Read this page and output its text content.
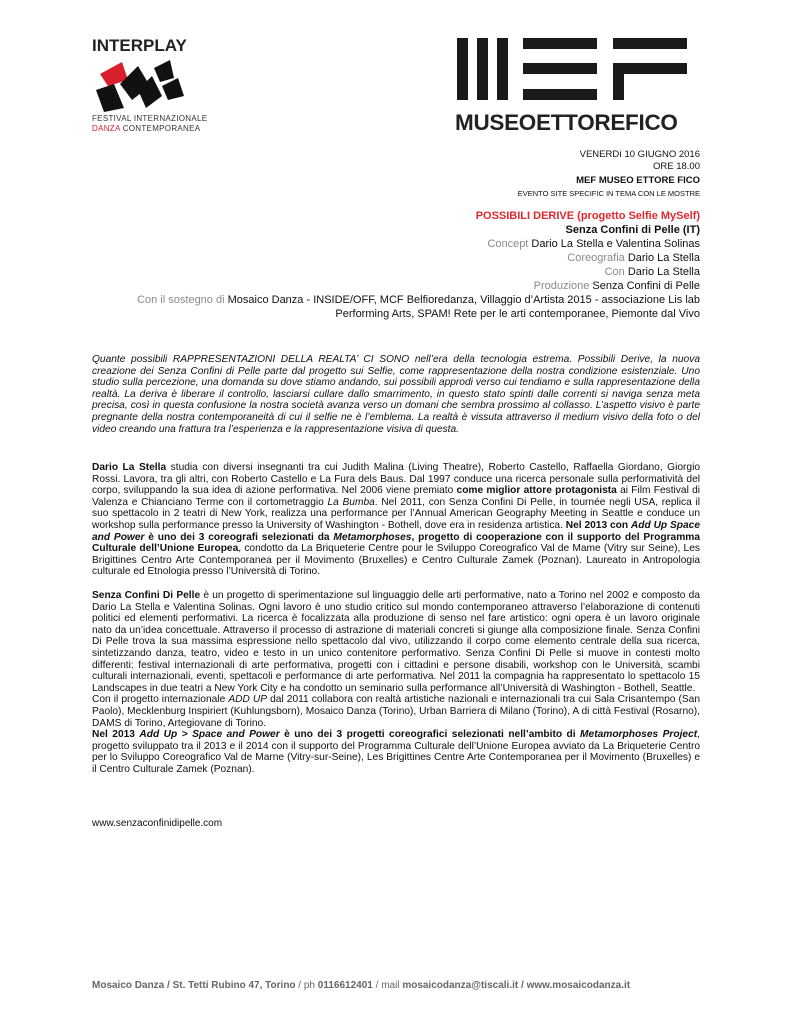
INTERPLAY
FESTIVAL INTERNAZIONALE
DANZA CONTEMPORANEA	MUSEOETTOREFICO
VENERDì 10 GIUGNO 2016
ORE 18.00
MEF MUSEO ETTORE FICO
EVENTO SITE SPECIFIC IN TEMA CON LE MOSTRE
POSSIBILI DERIVE (progetto Selfie MySelf)
Senza Confini di Pelle (IT)
Concept Dario La Stella e Valentina Solinas
Coreografia Dario La Stella
Con Dario La Stella
Produzione Senza Confini di Pelle
Con il sostegno di Mosaico Danza - INSIDE/OFF, MCF Belfioredanza, Villaggio d’Artista 2015 - associazione Lis lab
Performing Arts, SPAM! Rete per le arti contemporanee, Piemonte dal Vivo

Quante possibili RAPPRESENTAZIONI DELLA REALTA’ CI SONO nell’era della tecnologia estrema. Possibili Derive, la nuova creazione dei Senza Confini di Pelle parte dal progetto sui Selfie, come rappresentazione della nostra condizione esistenziale. Uno studio sulla percezione, una domanda su dove stiamo andando, sui possibili approdi verso cui tendiamo e sulla rappresentazione della realtà. La deriva è liberare il controllo, lasciarsi cullare dallo smarrimento, in questo stato spinti dalle correnti si naviga senza meta precisa, così in questa confusione la nostra società avanza verso un domani che sembra prossimo al collasso. L’aspetto visivo è parte pregnante della nostra contemporaneità di cui il selfie ne è l’emblema. La realtà è vissuta attraverso il medium visivo della foto o del video creando una frattura tra l’esperienza e la rappresentazione visiva di questa.

Dario La Stella studia con diversi insegnanti tra cui Judith Malina (Living Theatre), Roberto Castello, Raffaella Giordano, Giorgio Rossi. Lavora, tra gli altri, con Roberto Castello e La Fura dels Baus. Dal 1997 conduce una ricerca personale sulla performatività del corpo, sviluppando la sua idea di azione performativa. Nel 2006 viene premiato come miglior attore protagonista ai Film Festival di Valenza e Chianciano Terme con il cortometraggio La Bumba. Nel 2011, con Senza Confini Di Pelle, in tournée negli USA, replica il suo spettacolo in 2 teatri di New York, realizza una performance per l’Annual American Geography Meeting in Seattle e conduce un workshop sulla performance presso la University of Washington - Bothell, dove era in residenza artistica. Nel 2013 con Add Up Space and Power è uno dei 3 coreografi selezionati da Metamorphoses, progetto di cooperazione con il supporto del Programma Culturale dell’Unione Europea, condotto da La Briqueterie Centre pour le Sviluppo Coreografico Val de Mame (Vitry sur Seine), Les Brigittines Centro Arte Contemporanea per il Movimento (Bruxelles) e Centro Culturale Zamek (Poznan). Laureato in Antropologia culturale ed Etnologia presso l’Università di Torino.

Senza Confini Di Pelle è un progetto di sperimentazione sul linguaggio delle arti performative, nato a Torino nel 2002 e composto da Dario La Stella e Valentina Solinas. Ogni lavoro è uno studio critico sul mondo contemporaneo attraverso l’elaborazione di contenuti politici ed elementi performativi. La ricerca è focalizzata alla produzione di senso nel fare artistico: ogni opera è un lavoro originale nato da un’idea concettuale. Attraverso il processo di astrazione di materiali concreti si giunge alla composizione finale. Senza Confini Di Pelle trova la sua massima espressione nello spettacolo dal vivo, utilizzando il corpo come elemento centrale della sua ricerca, sintetizzando danza, teatro, video e testo in un unico contenitore performativo. Senza Confini Di Pelle si muove in contesti molto differenti: festival internazionali di arte performativa, progetti con i cittadini e persone disabili, workshop con le Università, scambi culturali internazionali, eventi, spettacoli e performance di arte performativa. Nel 2011 la compagnia ha rappresentato lo spettacolo 15 Landscapes in due teatri a New York City e ha condotto un seminario sulla performance all’Università di Washington - Bothell, Seattle.

Con il progetto internazionale ADD UP dal 2011 collabora con realtà artistiche nazionali e internazionali tra cui Sala Crisantempo (San Paolo), Mecklenburg Inspiriert (Kuhlungsborn), Mosaico Danza (Torino), Urban Barriera di Milano (Torino), A di città Festival (Rosarno), DAMS di Torino, Artegiovane di Torino.

Nel 2013 Add Up > Space and Power è uno dei 3 progetti coreografici selezionati nell’ambito di Metamorphoses Project, progetto sviluppato tra il 2013 e il 2014 con il supporto del Programma Culturale dell’Unione Europea avviato da La Briqueterie Centro per lo Sviluppo Coreografico Val de Marne (Vitry-sur-Seine), Les Brigittines Centre Arte Contemporanea per il Movimento (Bruxelles) e il Centro Culturale Zamek (Poznan).

www.senzaconfinidipelle.com
Mosaico Danza / St. Tetti Rubino 47, Torino / ph 0116612401 / mail mosaicodanza@tiscali.it / www.mosaicodanza.it
